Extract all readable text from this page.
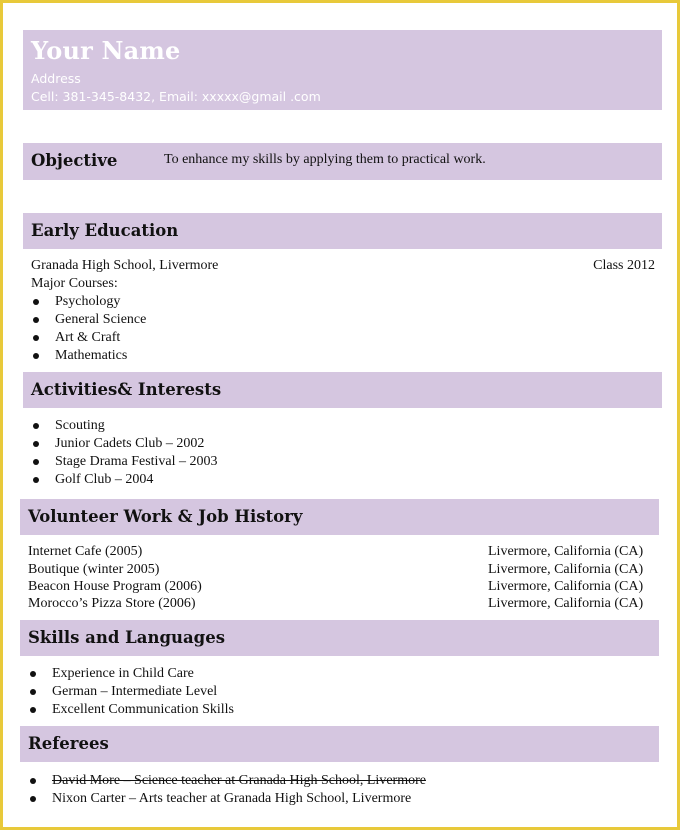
Your Name
Address
Cell: 381-345-8432, Email: xxxxx@gmail .com
Objective	To enhance my skills by applying them to practical work.
Early Education
Granada High School, Livermore	Class 2012
Major Courses:
Psychology
General Science
Art & Craft
Mathematics
Activities& Interests
Scouting
Junior Cadets Club – 2002
Stage Drama Festival – 2003
Golf Club – 2004
Volunteer Work & Job History
Internet Cafe (2005)	Livermore, California (CA)
Boutique (winter 2005)	Livermore, California (CA)
Beacon House Program (2006)	Livermore, California (CA)
Morocco’s Pizza Store (2006)	Livermore, California (CA)
Skills and Languages
Experience in Child Care
German – Intermediate Level
Excellent Communication Skills
Referees
David More – Science teacher at Granada High School, Livermore
Nixon Carter – Arts teacher at Granada High School, Livermore
